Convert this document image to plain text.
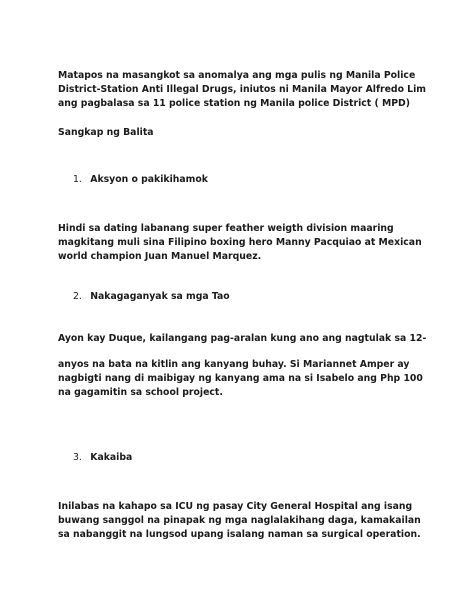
Matapos na masangkot sa anomalya ang mga pulis ng Manila Police District-Station Anti Illegal Drugs, iniutos ni Manila Mayor Alfredo Lim ang pagbalasa sa 11 police station ng Manila police District ( MPD)

Sangkap ng Balita

1. Aksyon o pakikihamok

Hindi sa dating labanang super feather weigth division maaring magkitang muli sina Filipino boxing hero Manny Pacquiao at Mexican world champion Juan Manuel Marquez.

2. Nakagaganyak sa mga Tao

Ayon kay Duque, kailangang pag-aralan kung ano ang nagtulak sa 12-

anyos na bata na kitlin ang kanyang buhay. Si Mariannet Amper ay nagbigti nang di maibigay ng kanyang ama na si Isabelo ang Php 100 na gagamitin sa school project.

3. Kakaiba

Inilabas na kahapo sa ICU ng pasay City General Hospital ang isang buwang sanggol na pinapak ng mga naglalakihang daga, kamakailan sa nabanggit na lungsod upang isalang naman sa surgical operation.
